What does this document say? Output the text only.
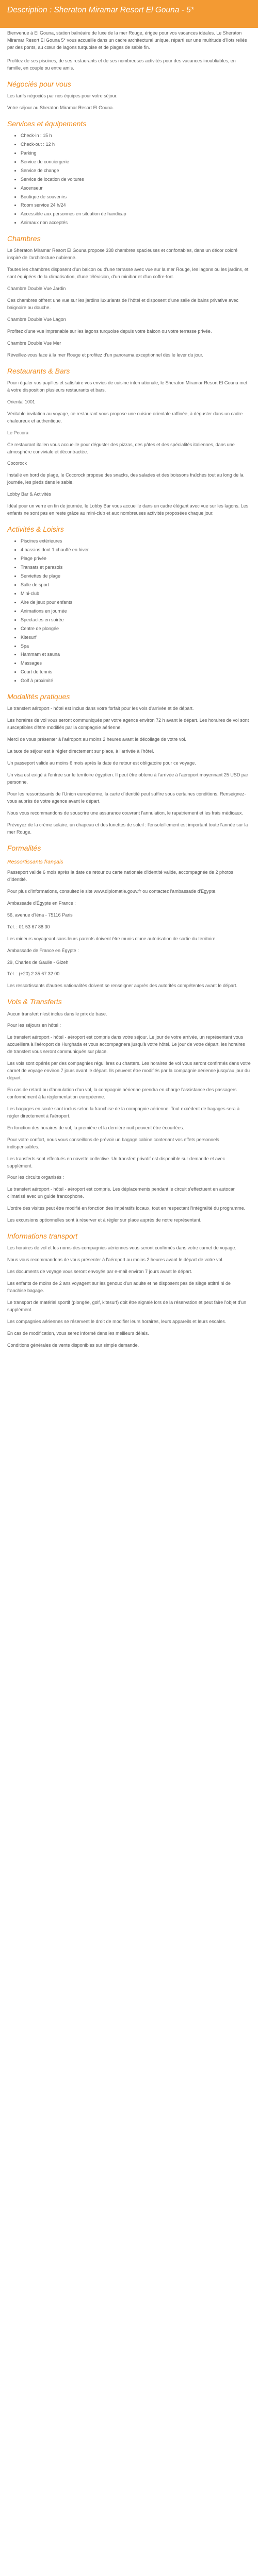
Description : Sheraton Miramar Resort El Gouna - 5*

Bienvenue à El Gouna, station balnéaire de luxe de la mer Rouge, érigée pour vos vacances idéales. Le Sheraton Miramar Resort El Gouna 5* vous accueille dans un cadre architectural unique, réparti sur une multitude d'îlots reliés par des ponts, au cœur de lagons turquoise et de plages de sable fin.

Profitez de ses piscines, de ses restaurants et de ses nombreuses activités pour des vacances inoubliables, en famille, en couple ou entre amis.

Négociés pour vous

Les tarifs négociés par nos équipes pour votre séjour.

Votre séjour au Sheraton Miramar Resort El Gouna.

Services et équipements
• Check-in : 15 h
• Check-out : 12 h
• Parking
• Service de conciergerie
• Service de change
• Service de location de voitures
• Ascenseur
• Boutique de souvenirs
• Room service 24 h/24
• Accessible aux personnes en situation de handicap
• Animaux non acceptés
Chambres

Le Sheraton Miramar Resort El Gouna propose 338 chambres spacieuses et confortables, dans un décor coloré inspiré de l'architecture nubienne.

Toutes les chambres disposent d'un balcon ou d'une terrasse avec vue sur la mer Rouge, les lagons ou les jardins, et sont équipées de la climatisation, d'une télévision, d'un minibar et d'un coffre-fort.

Chambre Double Vue Jardin

Ces chambres offrent une vue sur les jardins luxuriants de l'hôtel et disposent d'une salle de bains privative avec baignoire ou douche.

Chambre Double Vue Lagon

Profitez d'une vue imprenable sur les lagons turquoise depuis votre balcon ou votre terrasse privée.

Chambre Double Vue Mer

Réveillez-vous face à la mer Rouge et profitez d'un panorama exceptionnel dès le lever du jour.

Restaurants & Bars

Pour régaler vos papilles et satisfaire vos envies de cuisine internationale, le Sheraton Miramar Resort El Gouna met à votre disposition plusieurs restaurants et bars.

Oriental 1001

Véritable invitation au voyage, ce restaurant vous propose une cuisine orientale raffinée, à déguster dans un cadre chaleureux et authentique.

Le Pecora

Ce restaurant italien vous accueille pour déguster des pizzas, des pâtes et des spécialités italiennes, dans une atmosphère conviviale et décontractée.

Cocorock

Installé en bord de plage, le Cocorock propose des snacks, des salades et des boissons fraîches tout au long de la journée, les pieds dans le sable.

Lobby Bar & Activités

Idéal pour un verre en fin de journée, le Lobby Bar vous accueille dans un cadre élégant avec vue sur les lagons. Les enfants ne sont pas en reste grâce au mini-club et aux nombreuses activités proposées chaque jour.

Activités & Loisirs
• Piscines extérieures
• 4 bassins dont 1 chauffé en hiver
• Plage privée
• Transats et parasols
• Serviettes de plage
• Salle de sport
• Mini-club
• Aire de jeux pour enfants
• Animations en journée
• Spectacles en soirée
• Centre de plongée
• Kitesurf
• Spa
• Hammam et sauna
• Massages
• Court de tennis
• Golf à proximité
Modalités pratiques

Le transfert aéroport - hôtel est inclus dans votre forfait pour les vols d'arrivée et de départ.

Les horaires de vol vous seront communiqués par votre agence environ 72 h avant le départ. Les horaires de vol sont susceptibles d'être modifiés par la compagnie aérienne.

Merci de vous présenter à l'aéroport au moins 2 heures avant le décollage de votre vol.

La taxe de séjour est à régler directement sur place, à l'arrivée à l'hôtel.

Un passeport valide au moins 6 mois après la date de retour est obligatoire pour ce voyage.

Un visa est exigé à l'entrée sur le territoire égyptien. Il peut être obtenu à l'arrivée à l'aéroport moyennant 25 USD par personne.

Pour les ressortissants de l'Union européenne, la carte d'identité peut suffire sous certaines conditions. Renseignez-vous auprès de votre agence avant le départ.

Nous vous recommandons de souscrire une assurance couvrant l'annulation, le rapatriement et les frais médicaux.

Prévoyez de la crème solaire, un chapeau et des lunettes de soleil : l'ensoleillement est important toute l'année sur la mer Rouge.

Formalités
Ressortissants français

Passeport valide 6 mois après la date de retour ou carte nationale d'identité valide, accompagnée de 2 photos d'identité.

Pour plus d'informations, consultez le site www.diplomatie.gouv.fr ou contactez l'ambassade d'Égypte.

Ambassade d'Égypte en France :

56, avenue d'Iéna - 75116 Paris

Tél. : 01 53 67 88 30

Les mineurs voyageant sans leurs parents doivent être munis d'une autorisation de sortie du territoire.

Ambassade de France en Égypte :

29, Charles de Gaulle - Gizeh

Tél. : (+20) 2 35 67 32 00

Les ressortissants d'autres nationalités doivent se renseigner auprès des autorités compétentes avant le départ.

Vols & Transferts

Aucun transfert n'est inclus dans le prix de base.

Pour les séjours en hôtel :

Le transfert aéroport - hôtel - aéroport est compris dans votre séjour. Le jour de votre arrivée, un représentant vous accueillera à l'aéroport de Hurghada et vous accompagnera jusqu'à votre hôtel. Le jour de votre départ, les horaires de transfert vous seront communiqués sur place.

Les vols sont opérés par des compagnies régulières ou charters. Les horaires de vol vous seront confirmés dans votre carnet de voyage environ 7 jours avant le départ. Ils peuvent être modifiés par la compagnie aérienne jusqu'au jour du départ.

En cas de retard ou d'annulation d'un vol, la compagnie aérienne prendra en charge l'assistance des passagers conformément à la réglementation européenne.

Les bagages en soute sont inclus selon la franchise de la compagnie aérienne. Tout excédent de bagages sera à régler directement à l'aéroport.

En fonction des horaires de vol, la première et la dernière nuit peuvent être écourtées.

Pour votre confort, nous vous conseillons de prévoir un bagage cabine contenant vos effets personnels indispensables.

Les transferts sont effectués en navette collective. Un transfert privatif est disponible sur demande et avec supplément.

Pour les circuits organisés :

Le transfert aéroport - hôtel - aéroport est compris. Les déplacements pendant le circuit s'effectuent en autocar climatisé avec un guide francophone.

L'ordre des visites peut être modifié en fonction des impératifs locaux, tout en respectant l'intégralité du programme.

Les excursions optionnelles sont à réserver et à régler sur place auprès de notre représentant.

Informations transport

Les horaires de vol et les noms des compagnies aériennes vous seront confirmés dans votre carnet de voyage.

Nous vous recommandons de vous présenter à l'aéroport au moins 2 heures avant le départ de votre vol.

Les documents de voyage vous seront envoyés par e-mail environ 7 jours avant le départ.

Les enfants de moins de 2 ans voyagent sur les genoux d'un adulte et ne disposent pas de siège attitré ni de franchise bagage.

Le transport de matériel sportif (plongée, golf, kitesurf) doit être signalé lors de la réservation et peut faire l'objet d'un supplément.

Les compagnies aériennes se réservent le droit de modifier leurs horaires, leurs appareils et leurs escales.

En cas de modification, vous serez informé dans les meilleurs délais.

Conditions générales de vente disponibles sur simple demande.
